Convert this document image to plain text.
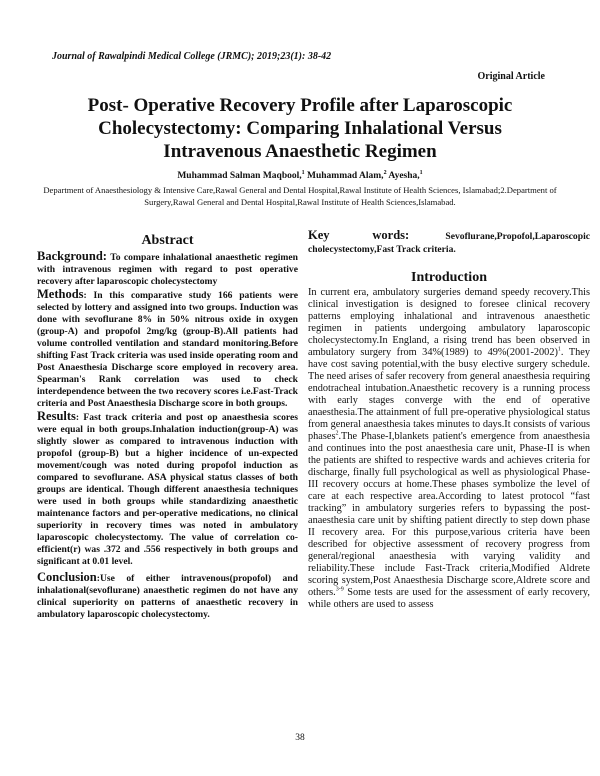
Journal of Rawalpindi Medical College (JRMC); 2019;23(1): 38-42
Original Article
Post- Operative Recovery Profile after Laparoscopic Cholecystectomy: Comparing Inhalational Versus Intravenous Anaesthetic Regimen
Muhammad Salman Maqbool,$^1$ Muhammad Alam,$^2$ Ayesha,$^1$
Department of Anaesthesiology & Intensive Care,Rawal General and Dental Hospital,Rawal Institute of Health Sciences, Islamabad;2.Department of Surgery,Rawal General and Dental Hospital,Rawal Institute of Health Sciences,Islamabad.
Abstract

Background: To compare inhalational anaesthetic regimen with intravenous regimen with regard to post operative recovery after laparoscopic cholecystectomy

Methods: In this comparative study 166 patients were selected by lottery and assigned into two groups. Induction was done with sevoflurane 8% in 50% nitrous oxide in oxygen (group-A) and propofol 2mg/kg (group-B).All patients had volume controlled ventilation and standard monitoring.Before shifting Fast Track criteria was used inside operating room and Post Anaesthesia Discharge score employed in recovery area. Spearman's Rank correlation was used to check interdependence between the two recovery scores i.e.Fast-Track criteria and Post Anaesthesia Discharge score in both groups.

Results: Fast track criteria and post op anaesthesia scores were equal in both groups.Inhalation induction(group-A) was slightly slower as compared to intravenous induction with propofol (group-B) but a higher incidence of un-expected movement/cough was noted during propofol induction as compared to sevoflurane. ASA physical status classes of both groups are identical. Though different anaesthesia techniques were used in both groups while standardizing anaesthetic maintenance factors and per-operative medications, no clinical superiority in recovery times was noted in ambulatory laparoscopic cholecystectomy. The value of correlation co-efficient(r) was .372 and .556 respectively in both groups and significant at 0.01 level.

Conclusion:Use of either intravenous(propofol) and inhalational(sevoflurane) anaesthetic regimen do not have any clinical superiority on patterns of anaesthetic recovery in ambulatory laparoscopic cholecystectomy.

Key words: Sevoflurane,Propofol,Laparoscopic cholecystectomy,Fast Track criteria.

Introduction

In current era, ambulatory surgeries demand speedy recovery.This clinical investigation is designed to foresee clinical recovery patterns employing inhalational and intravenous anaesthetic regimen in patients undergoing ambulatory laparoscopic cholecystectomy.In England, a rising trend has been observed in ambulatory surgery from 34%(1989) to 49%(2001-2002)$^1$. They have cost saving potential,with the busy elective surgery schedule. The need arises of safer recovery from general anaesthesia requiring endotracheal intubation.Anaesthetic recovery is a running process with early stages converge with the end of operative anaesthesia.The attainment of full pre-operative physiological status from general anaesthesia takes minutes to days.It consists of various phases$^2$.The Phase-I,blankets patient's emergence from anaesthesia and continues into the post anaesthesia care unit, Phase-II is when the patients are shifted to respective wards and achieves criteria for discharge, finally full psychological as well as physiological Phase-III recovery occurs at home.These phases symbolize the level of care at each respective area.According to latest protocol “fast tracking” in ambulatory surgeries refers to bypassing the post-anaesthesia care unit by shifting patient directly to step down phase II recovery area. For this purpose,various criteria have been described for objective assessment of recovery progress from general/regional anaesthesia with varying validity and reliability.These include Fast-Track criteria,Modified Aldrete scoring system,Post Anaesthesia Discharge score,Aldrete score and others.$^{3-9}$ Some tests are used for the assessment of early recovery, while others are used to assess

38
